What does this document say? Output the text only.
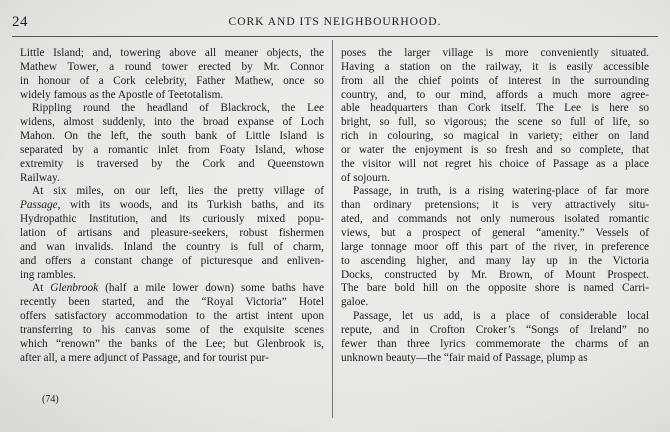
24	CORK AND ITS NEIGHBOURHOOD.
Little Island; and, towering above all meaner objects, the
Mathew Tower, a round tower erected by Mr. Connor
in honour of a Cork celebrity, Father Mathew, once so
widely famous as the Apostle of Teetotalism.
Rippling round the headland of Blackrock, the Lee
widens, almost suddenly, into the broad expanse of Loch
Mahon. On the left, the south bank of Little Island is
separated by a romantic inlet from Foaty Island, whose
extremity is traversed by the Cork and Queenstown
Railway.
At six miles, on our left, lies the pretty village of
Passage, with its woods, and its Turkish baths, and its
Hydropathic Institution, and its curiously mixed popu-
lation of artisans and pleasure-seekers, robust fishermen
and wan invalids. Inland the country is full of charm,
and offers a constant change of picturesque and enliven-
ing rambles.
At Glenbrook (half a mile lower down) some baths have
recently been started, and the “Royal Victoria” Hotel
offers satisfactory accommodation to the artist intent upon
transferring to his canvas some of the exquisite scenes
which “renown” the banks of the Lee; but Glenbrook is,
after all, a mere adjunct of Passage, and for tourist pur-
poses the larger village is more conveniently situated.
Having a station on the railway, it is easily accessible
from all the chief points of interest in the surrounding
country, and, to our mind, affords a much more agree-
able headquarters than Cork itself. The Lee is here so
bright, so full, so vigorous; the scene so full of life, so
rich in colouring, so magical in variety; either on land
or water the enjoyment is so fresh and so complete, that
the visitor will not regret his choice of Passage as a place
of sojourn.
Passage, in truth, is a rising watering-place of far more
than ordinary pretensions; it is very attractively situ-
ated, and commands not only numerous isolated romantic
views, but a prospect of general “amenity.” Vessels of
large tonnage moor off this part of the river, in preference
to ascending higher, and many lay up in the Victoria
Docks, constructed by Mr. Brown, of Mount Prospect.
The bare bold hill on the opposite shore is named Carri-
galoe.
Passage, let us add, is a place of considerable local
repute, and in Crofton Croker’s “Songs of Ireland” no
fewer than three lyrics commemorate the charms of an
unknown beauty—the “fair maid of Passage, plump as
(74)
